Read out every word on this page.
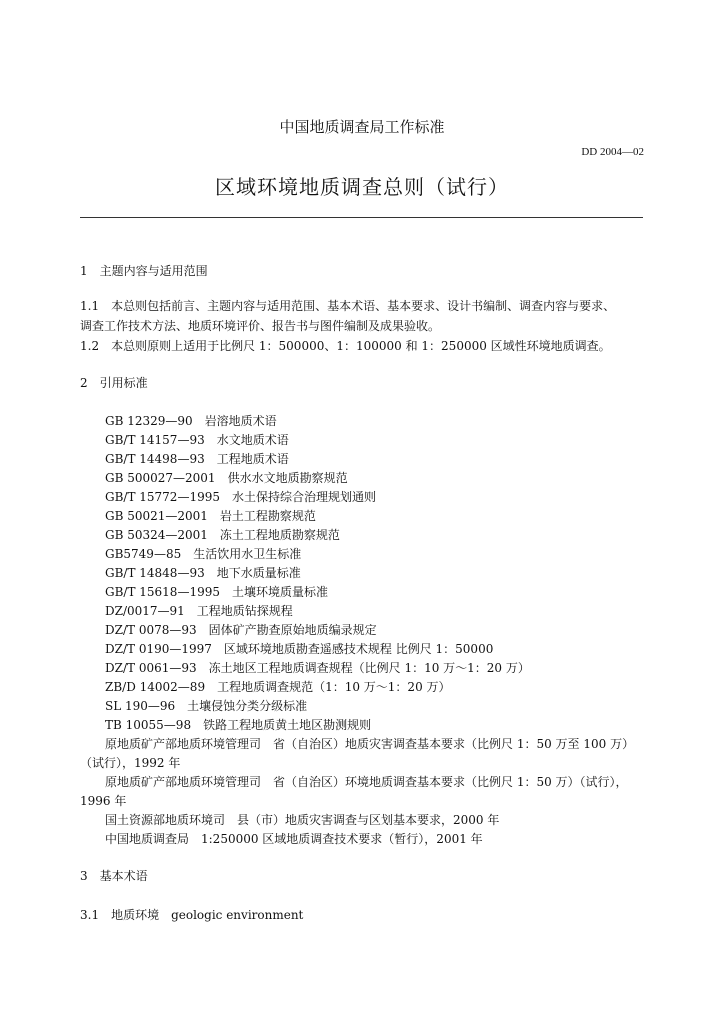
中国地质调查局工作标准
DD 2004—02
区域环境地质调查总则（试行）
1　主题内容与适用范围
1.1　本总则包括前言、主题内容与适用范围、基本术语、基本要求、设计书编制、调查内容与要求、
调查工作技术方法、地质环境评价、报告书与图件编制及成果验收。
1.2　本总则原则上适用于比例尺 1：500000、1：100000 和 1：250000 区域性环境地质调查。
2　引用标准
GB 12329—90　岩溶地质术语
GB/T 14157—93　水文地质术语
GB/T 14498—93　工程地质术语
GB 500027—2001　供水水文地质勘察规范
GB/T 15772—1995　水土保持综合治理规划通则
GB 50021—2001　岩土工程勘察规范
GB 50324—2001　冻土工程地质勘察规范
GB5749—85　生活饮用水卫生标准
GB/T 14848—93　地下水质量标准
GB/T 15618—1995　土壤环境质量标准
DZ/0017—91　工程地质钻探规程
DZ/T 0078—93　固体矿产勘查原始地质编录规定
DZ/T 0190—1997　区域环境地质勘查遥感技术规程 比例尺 1：50000
DZ/T 0061—93　冻土地区工程地质调查规程（比例尺 1：10 万～1：20 万）
ZB/D 14002—89　工程地质调查规范（1：10 万～1：20 万）
SL 190—96　土壤侵蚀分类分级标准
TB 10055—98　铁路工程地质黄土地区勘测规则
原地质矿产部地质环境管理司　省（自治区）地质灾害调查基本要求（比例尺 1：50 万至 100 万）
（试行），1992 年
原地质矿产部地质环境管理司　省（自治区）环境地质调查基本要求（比例尺 1：50 万）（试行），
1996 年
国土资源部地质环境司　县（市）地质灾害调查与区划基本要求，2000 年
中国地质调查局　1:250000 区域地质调查技术要求（暂行），2001 年
3　基本术语
3.1　地质环境　geologic environment
